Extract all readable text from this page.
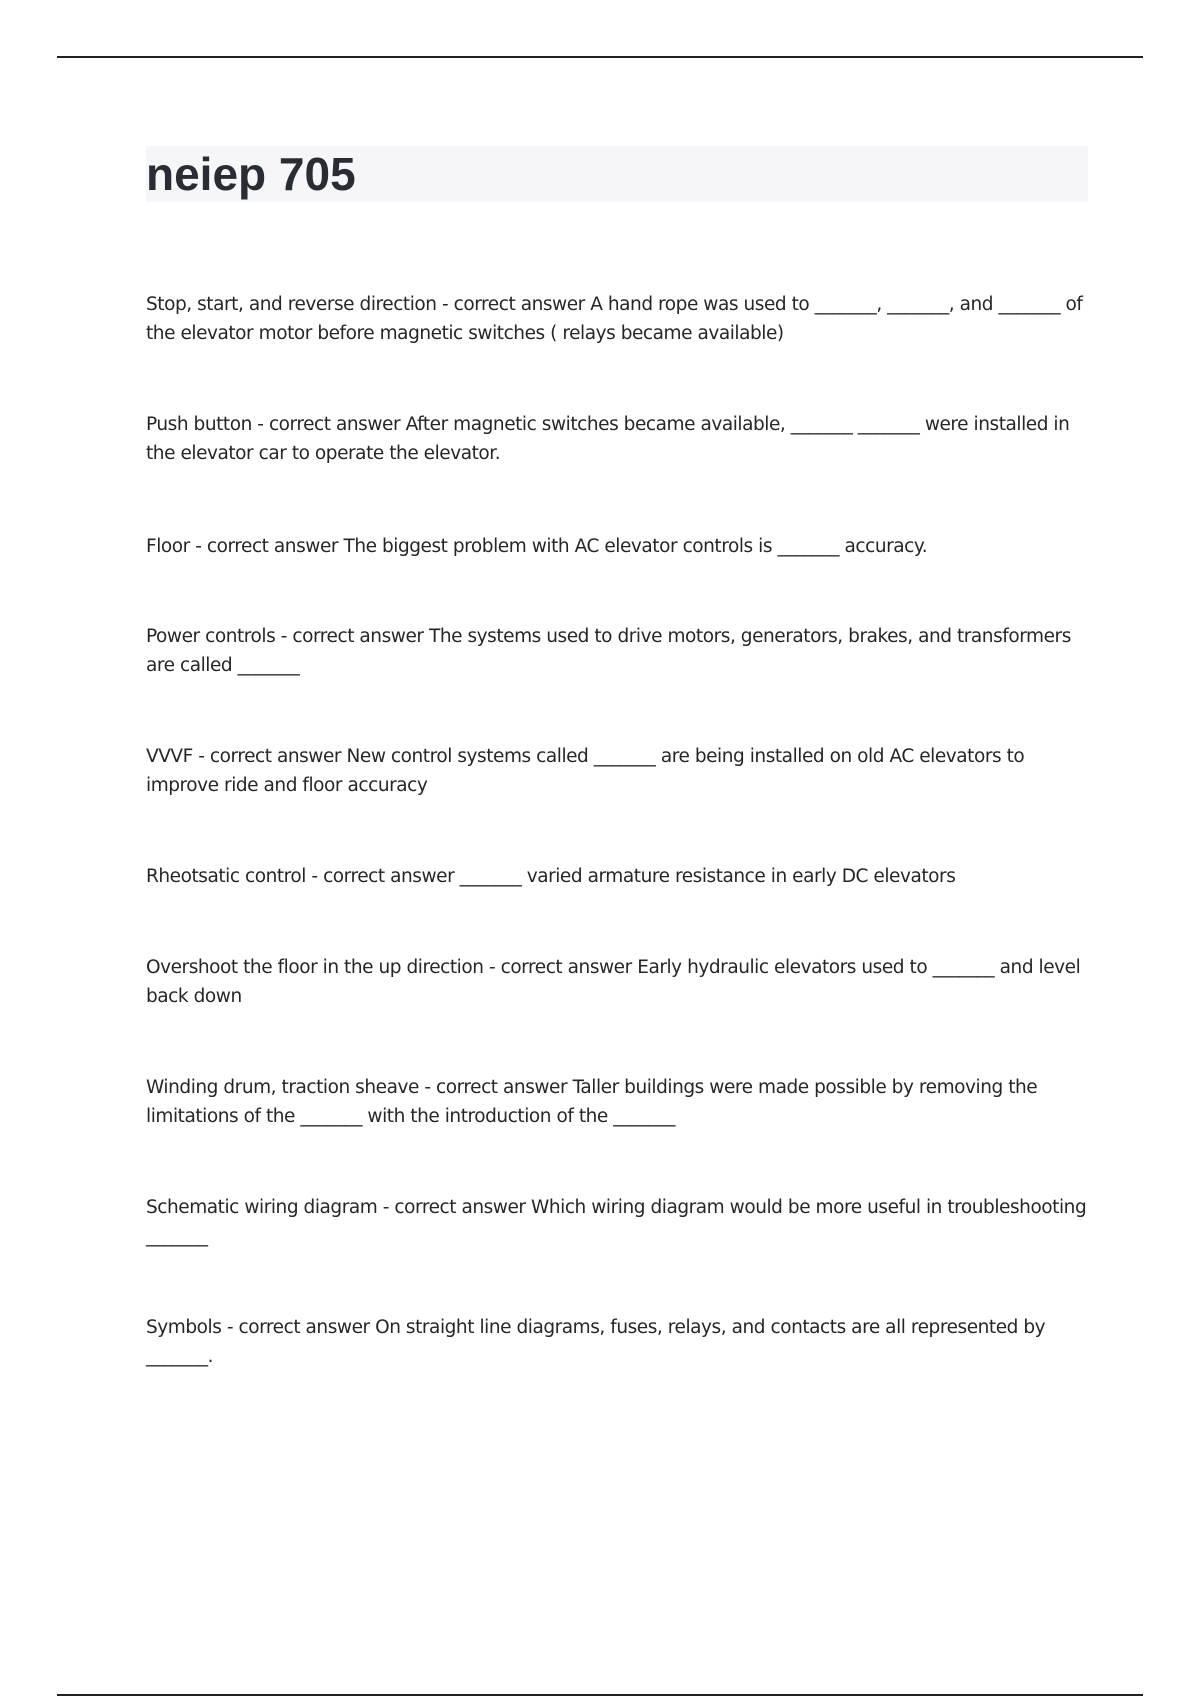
neiep 705

Stop, start, and reverse direction - correct answer A hand rope was used to _______, _______, and _______ of the elevator motor before magnetic switches ( relays became available)

Push button - correct answer After magnetic switches became available, _______ _______ were installed in the elevator car to operate the elevator.

Floor - correct answer The biggest problem with AC elevator controls is _______ accuracy.

Power controls - correct answer The systems used to drive motors, generators, brakes, and transformers are called _______

VVVF - correct answer New control systems called _______ are being installed on old AC elevators to improve ride and floor accuracy

Rheotsatic control - correct answer _______ varied armature resistance in early DC elevators

Overshoot the floor in the up direction - correct answer Early hydraulic elevators used to _______ and level back down

Winding drum, traction sheave - correct answer Taller buildings were made possible by removing the limitations of the _______ with the introduction of the _______

Schematic wiring diagram - correct answer Which wiring diagram would be more useful in troubleshooting _______

Symbols - correct answer On straight line diagrams, fuses, relays, and contacts are all represented by _______.
